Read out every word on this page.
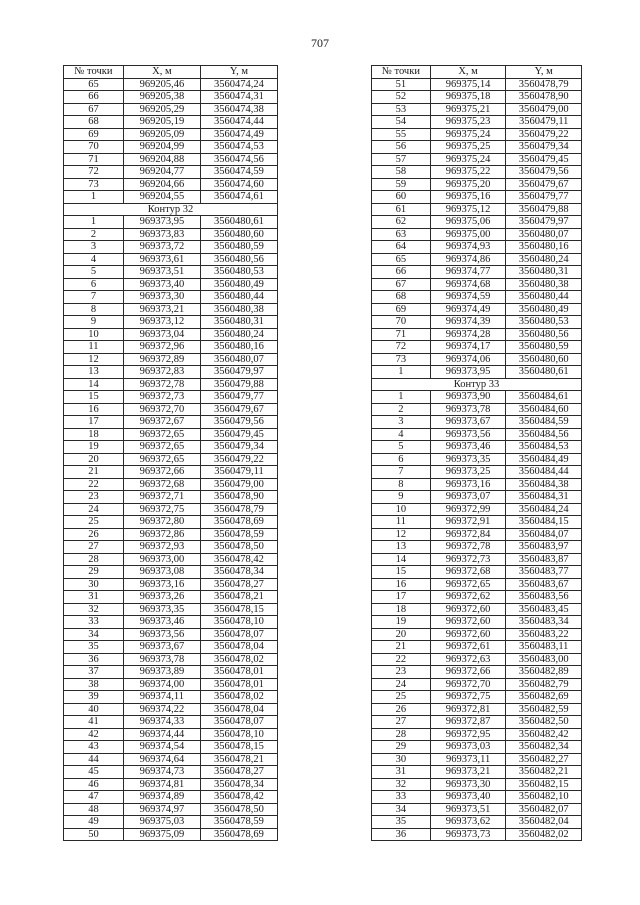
707
№ точки	X, м	Y, м
65	969205,46	3560474,24
66	969205,38	3560474,31
67	969205,29	3560474,38
68	969205,19	3560474,44
69	969205,09	3560474,49
70	969204,99	3560474,53
71	969204,88	3560474,56
72	969204,77	3560474,59
73	969204,66	3560474,60
1	969204,55	3560474,61
Контур 32		
1	969373,95	3560480,61
2	969373,83	3560480,60
3	969373,72	3560480,59
4	969373,61	3560480,56
5	969373,51	3560480,53
6	969373,40	3560480,49
7	969373,30	3560480,44
8	969373,21	3560480,38
9	969373,12	3560480,31
10	969373,04	3560480,24
11	969372,96	3560480,16
12	969372,89	3560480,07
13	969372,83	3560479,97
14	969372,78	3560479,88
15	969372,73	3560479,77
16	969372,70	3560479,67
17	969372,67	3560479,56
18	969372,65	3560479,45
19	969372,65	3560479,34
20	969372,65	3560479,22
21	969372,66	3560479,11
22	969372,68	3560479,00
23	969372,71	3560478,90
24	969372,75	3560478,79
25	969372,80	3560478,69
26	969372,86	3560478,59
27	969372,93	3560478,50
28	969373,00	3560478,42
29	969373,08	3560478,34
30	969373,16	3560478,27
31	969373,26	3560478,21
32	969373,35	3560478,15
33	969373,46	3560478,10
34	969373,56	3560478,07
35	969373,67	3560478,04
36	969373,78	3560478,02
37	969373,89	3560478,01
38	969374,00	3560478,01
39	969374,11	3560478,02
40	969374,22	3560478,04
41	969374,33	3560478,07
42	969374,44	3560478,10
43	969374,54	3560478,15
44	969374,64	3560478,21
45	969374,73	3560478,27
46	969374,81	3560478,34
47	969374,89	3560478,42
48	969374,97	3560478,50
49	969375,03	3560478,59
50	969375,09	3560478,69
№ точки	X, м	Y, м
51	969375,14	3560478,79
52	969375,18	3560478,90
53	969375,21	3560479,00
54	969375,23	3560479,11
55	969375,24	3560479,22
56	969375,25	3560479,34
57	969375,24	3560479,45
58	969375,22	3560479,56
59	969375,20	3560479,67
60	969375,16	3560479,77
61	969375,12	3560479,88
62	969375,06	3560479,97
63	969375,00	3560480,07
64	969374,93	3560480,16
65	969374,86	3560480,24
66	969374,77	3560480,31
67	969374,68	3560480,38
68	969374,59	3560480,44
69	969374,49	3560480,49
70	969374,39	3560480,53
71	969374,28	3560480,56
72	969374,17	3560480,59
73	969374,06	3560480,60
1	969373,95	3560480,61
Контур 33		
1	969373,90	3560484,61
2	969373,78	3560484,60
3	969373,67	3560484,59
4	969373,56	3560484,56
5	969373,46	3560484,53
6	969373,35	3560484,49
7	969373,25	3560484,44
8	969373,16	3560484,38
9	969373,07	3560484,31
10	969372,99	3560484,24
11	969372,91	3560484,15
12	969372,84	3560484,07
13	969372,78	3560483,97
14	969372,73	3560483,87
15	969372,68	3560483,77
16	969372,65	3560483,67
17	969372,62	3560483,56
18	969372,60	3560483,45
19	969372,60	3560483,34
20	969372,60	3560483,22
21	969372,61	3560483,11
22	969372,63	3560483,00
23	969372,66	3560482,89
24	969372,70	3560482,79
25	969372,75	3560482,69
26	969372,81	3560482,59
27	969372,87	3560482,50
28	969372,95	3560482,42
29	969373,03	3560482,34
30	969373,11	3560482,27
31	969373,21	3560482,21
32	969373,30	3560482,15
33	969373,40	3560482,10
34	969373,51	3560482,07
35	969373,62	3560482,04
36	969373,73	3560482,02
